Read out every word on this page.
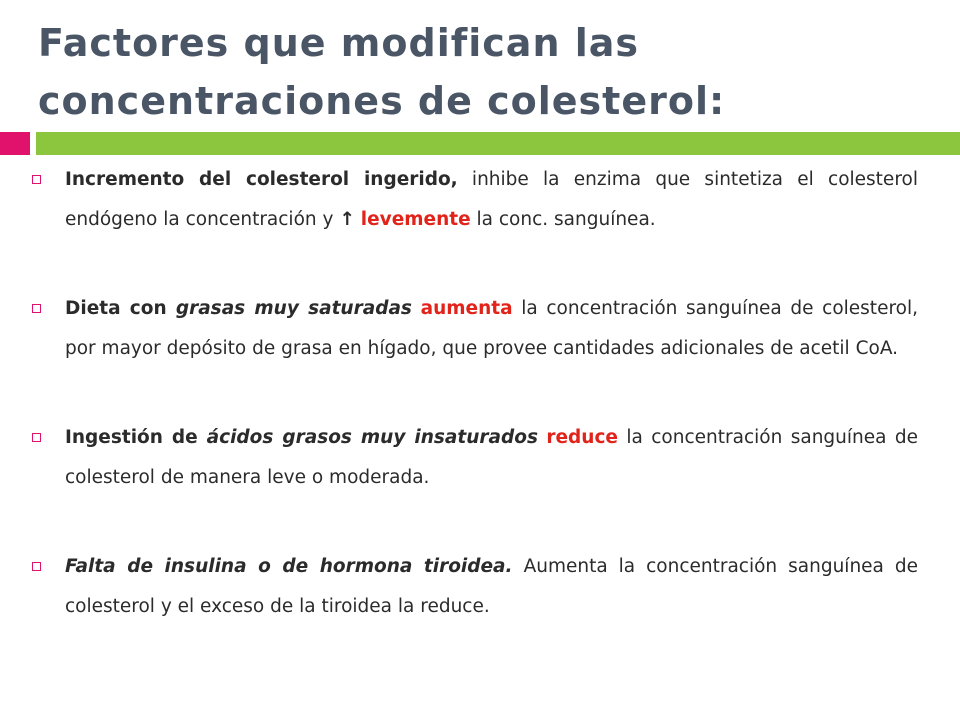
Factores que modifican las
concentraciones de colesterol:
Incremento del colesterol ingerido, inhibe la enzima que sintetiza el colesterol endógeno la concentración y ↑ levemente la conc. sanguínea.
Dieta con grasas muy saturadas aumenta la concentración sanguínea de colesterol, por mayor depósito de grasa en hígado, que provee cantidades adicionales de acetil CoA.
Ingestión de ácidos grasos muy insaturados reduce la concentración sanguínea de colesterol de manera leve o moderada.
Falta de insulina o de hormona tiroidea. Aumenta la concentración sanguínea de colesterol y el exceso de la tiroidea la reduce.
